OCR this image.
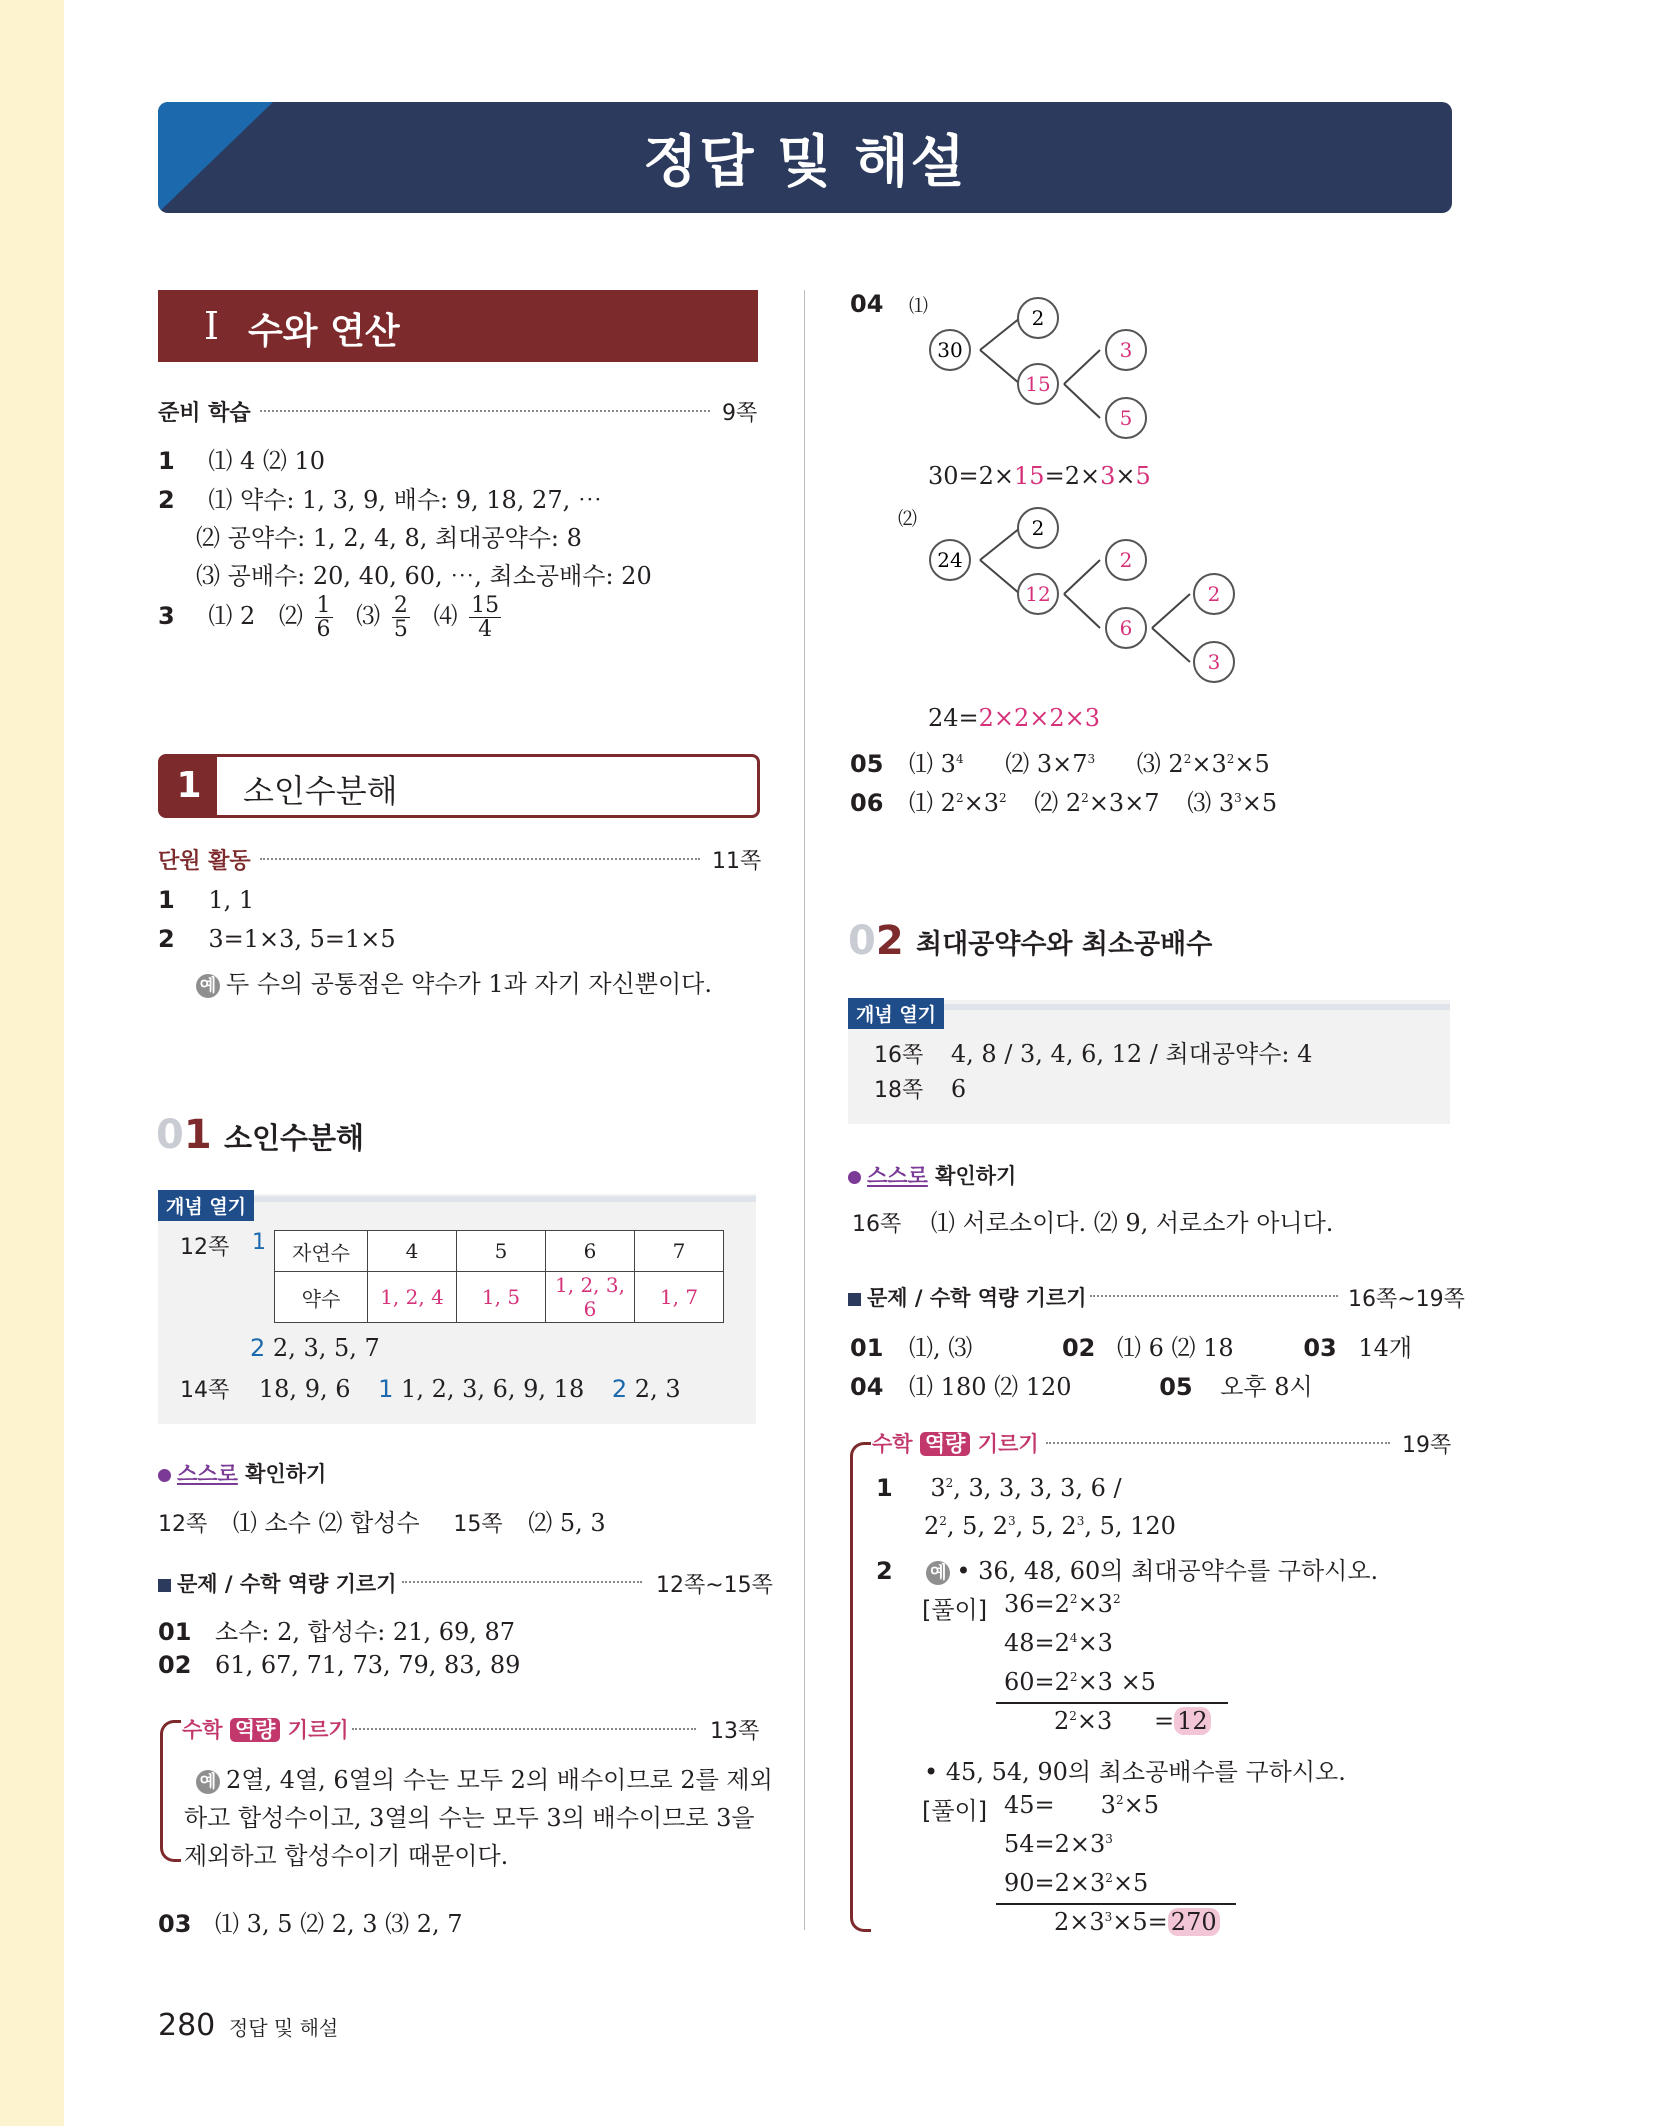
정답 및 해설
Ⅰ 수와 연산
준비 학습	9쪽
1 ⑴ 4 ⑵ 10
2 ⑴ 약수: 1, 3, 9, 배수: 9, 18, 27, ⋯
⑵ 공약수: 1, 2, 4, 8, 최대공약수: 8
⑶ 공배수: 20, 40, 60, ⋯, 최소공배수: 20
3 ⑴ 2 ⑵ $\frac{1}{6}$ ⑶ $\frac{2}{5}$ ⑷ $\frac{15}{4}$
1	소인수분해
단원 활동	11쪽
1 1, 1
2 3=1×3, 5=1×5
예 두 수의 공통점은 약수가 1과 자기 자신뿐이다.
01 소인수분해
개념 열기
12쪽 1 자연수	4	5	6	7
약수	1, 2, 4	1, 5	1, 2, 3, 6	1, 7
2 2, 3, 5, 7
14쪽 18, 9, 6 1 1, 2, 3, 6, 9, 18 2 2, 3
스스로 확인하기
12쪽 ⑴ 소수 ⑵ 합성수 15쪽 ⑵ 5, 3
문제 / 수학 역량 기르기	12쪽~15쪽
01 소수: 2, 합성수: 21, 69, 87
02 61, 67, 71, 73, 79, 83, 89
수학 역량 기르기	13쪽
예 2열, 4열, 6열의 수는 모두 2의 배수이므로 2를 제외
하고 합성수이고, 3열의 수는 모두 3의 배수이므로 3을
제외하고 합성수이기 때문이다.
03 ⑴ 3, 5 ⑵ 2, 3 ⑶ 2, 7
04 ⑴
30
2
15
3
5
30=2×15=2×3×5
⑵
24
2
12
2
6
2
3
24=2×2×2×3
05 ⑴ $3^4$ ⑵ $3\times 7^3$ ⑶ $2^2\times 3^2\times 5$
06 ⑴ $2^2\times 3^2$ ⑵ $2^2\times 3\times 7$ ⑶ $3^3\times 5$
02 최대공약수와 최소공배수
개념 열기
16쪽 4, 8 / 3, 4, 6, 12 / 최대공약수: 4
18쪽 6
스스로 확인하기
16쪽 ⑴ 서로소이다. ⑵ 9, 서로소가 아니다.
문제 / 수학 역량 기르기	16쪽~19쪽
01 ⑴, ⑶	02 ⑴ 6 ⑵ 18	03 14개
04 ⑴ 180 ⑵ 120	05 오후 8시
수학 역량 기르기	19쪽
1 $3^2$, 3, 3, 3, 3, 6 /
$2^2$, 5, $2^3$, 5, $2^3$, 5, 120
2 예 • 36, 48, 60의 최대공약수를 구하시오.
[풀이] $36=2^2\times 3^2$
$48=2^4\times 3$
$60=2^2\times 3 \times 5$
$2^2\times 3 = 12$
• 45, 54, 90의 최소공배수를 구하시오.
[풀이] $45= 3^2\times 5$
$54=2\times 3^3$
$90=2\times 3^2\times 5$
$2\times 3^3\times 5= 270$
280 정답 및 해설
